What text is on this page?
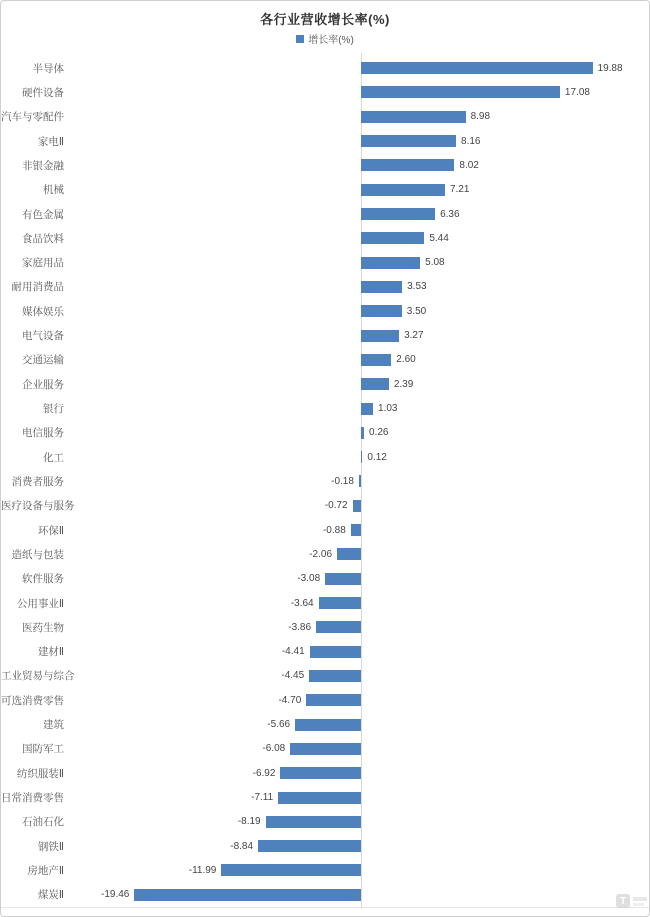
各行业营收增长率(%)
增长率(%)
半导体	19.88
硬件设备	17.08
汽车与零配件	8.98
家电Ⅱ	8.16
非银金融	8.02
机械	7.21
有色金属	6.36
食品饮料	5.44
家庭用品	5.08
耐用消费品	3.53
媒体娱乐	3.50
电气设备	3.27
交通运输	2.60
企业服务	2.39
银行	1.03
电信服务	0.26
化工	0.12
消费者服务	-0.18
医疗设备与服务	-0.72
环保Ⅱ	-0.88
造纸与包装	-2.06
软件服务	-3.08
公用事业Ⅱ	-3.64
医药生物	-3.86
建材Ⅱ	-4.41
工业贸易与综合	-4.45
可选消费零售	-4.70
建筑	-5.66
国防军工	-6.08
纺织服装Ⅱ	-6.92
日常消费零售	-7.11
石油石化	-8.19
钢铁Ⅱ	-8.84
房地产Ⅱ	-11.99
煤炭Ⅱ	-19.46
T
